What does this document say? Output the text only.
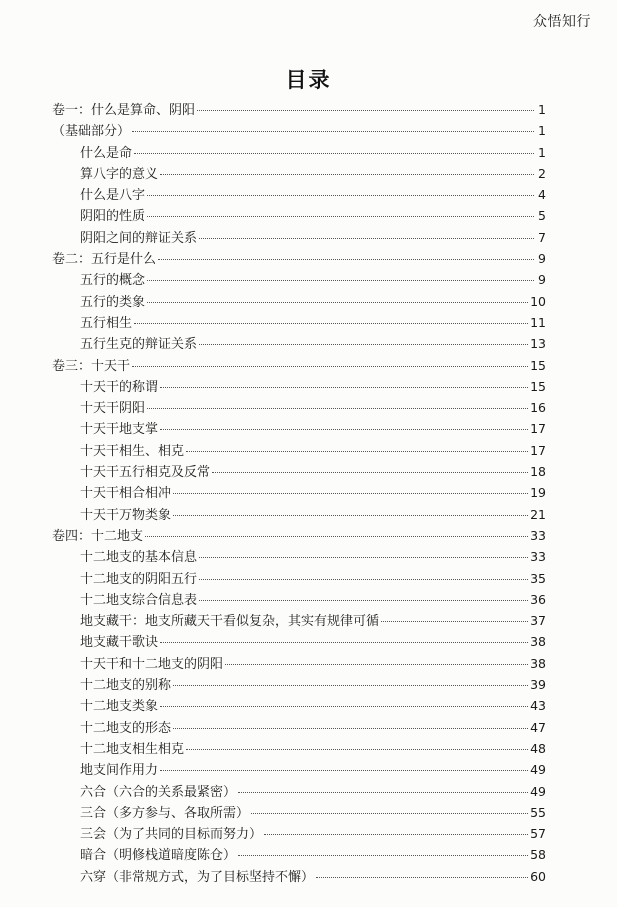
众悟知行
目录
卷一：什么是算命、阴阳	1
（基础部分）	1
什么是命	1
算八字的意义	2
什么是八字	4
阴阳的性质	5
阴阳之间的辩证关系	7
卷二：五行是什么	9
五行的概念	9
五行的类象	10
五行相生	11
五行生克的辩证关系	13
卷三：十天干	15
十天干的称谓	15
十天干阴阳	16
十天干地支掌	17
十天干相生、相克	17
十天干五行相克及反常	18
十天干相合相冲	19
十天干万物类象	21
卷四：十二地支	33
十二地支的基本信息	33
十二地支的阴阳五行	35
十二地支综合信息表	36
地支藏干：地支所藏天干看似复杂，其实有规律可循	37
地支藏干歌诀	38
十天干和十二地支的阴阳	38
十二地支的别称	39
十二地支类象	43
十二地支的形态	47
十二地支相生相克	48
地支间作用力	49
六合（六合的关系最紧密）	49
三合（多方参与、各取所需）	55
三会（为了共同的目标而努力）	57
暗合（明修栈道暗度陈仓）	58
六穿（非常规方式，为了目标坚持不懈）	60
